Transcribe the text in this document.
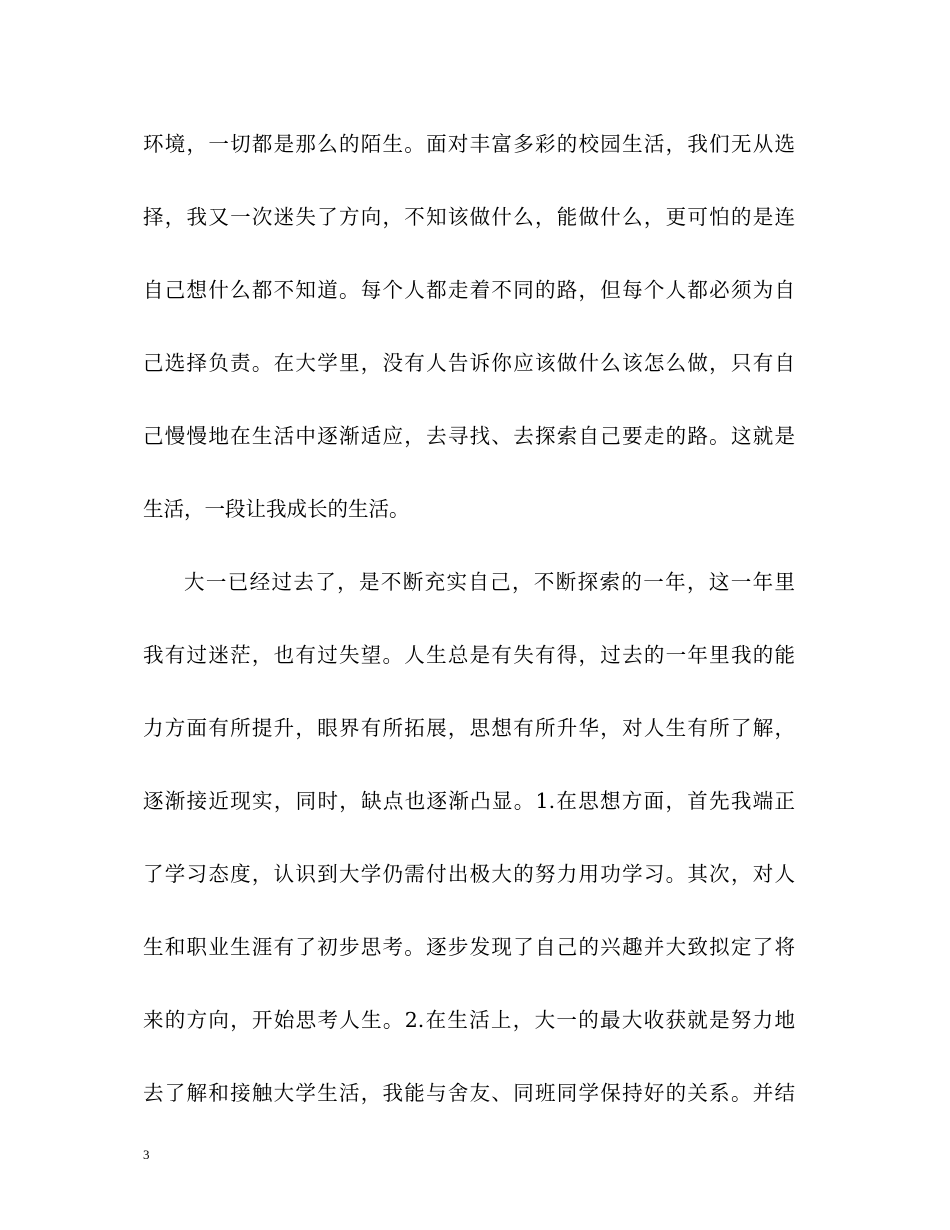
环境，一切都是那么的陌生。面对丰富多彩的校园生活，我们无从选
择，我又一次迷失了方向，不知该做什么，能做什么，更可怕的是连
自己想什么都不知道。每个人都走着不同的路，但每个人都必须为自
己选择负责。在大学里，没有人告诉你应该做什么该怎么做，只有自
己慢慢地在生活中逐渐适应，去寻找、去探索自己要走的路。这就是
生活，一段让我成长的生活。
大一已经过去了，是不断充实自己，不断探索的一年，这一年里
我有过迷茫，也有过失望。人生总是有失有得，过去的一年里我的能
力方面有所提升，眼界有所拓展，思想有所升华，对人生有所了解，
逐渐接近现实，同时，缺点也逐渐凸显。1.在思想方面，首先我端正
了学习态度，认识到大学仍需付出极大的努力用功学习。其次，对人
生和职业生涯有了初步思考。逐步发现了自己的兴趣并大致拟定了将
来的方向，开始思考人生。2.在生活上，大一的最大收获就是努力地
去了解和接触大学生活，我能与舍友、同班同学保持好的关系。并结
3
